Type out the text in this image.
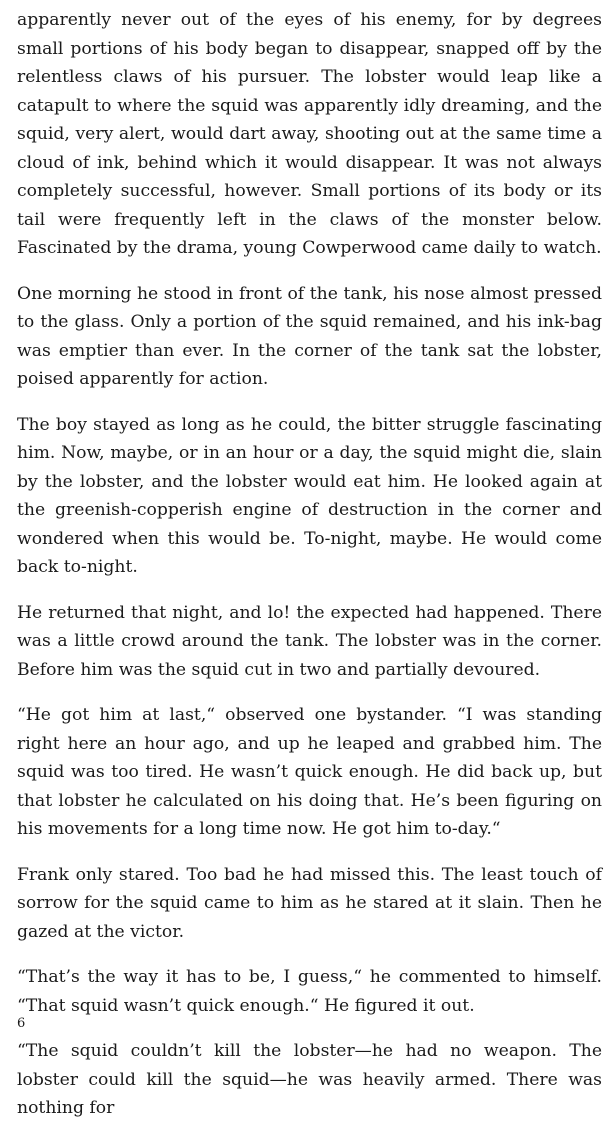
apparently never out of the eyes of his enemy, for by degrees small portions of his body began to disappear, snapped off by the relentless claws of his pursuer. The lobster would leap like a catapult to where the squid was apparently idly dreaming, and the squid, very alert, would dart away, shooting out at the same time a cloud of ink, behind which it would disappear. It was not always completely successful, however. Small portions of its body or its tail were frequently left in the claws of the monster below. Fascinated by the drama, young Cowperwood came daily to watch.

One morning he stood in front of the tank, his nose almost pressed to the glass. Only a portion of the squid remained, and his ink-bag was emptier than ever. In the corner of the tank sat the lobster, poised apparently for action.

The boy stayed as long as he could, the bitter struggle fascinating him. Now, maybe, or in an hour or a day, the squid might die, slain by the lobster, and the lobster would eat him. He looked again at the greenish-copperish engine of destruction in the corner and wondered when this would be. To-night, maybe. He would come back to-night.

He returned that night, and lo! the expected had happened. There was a little crowd around the tank. The lobster was in the corner. Before him was the squid cut in two and partially devoured.

“He got him at last,“ observed one bystander. “I was standing right here an hour ago, and up he leaped and grabbed him. The squid was too tired. He wasn’t quick enough. He did back up, but that lobster he calculated on his doing that. He’s been figuring on his movements for a long time now. He got him to-day.“

Frank only stared. Too bad he had missed this. The least touch of sorrow for the squid came to him as he stared at it slain. Then he gazed at the victor.

“That’s the way it has to be, I guess,“ he commented to himself. “That squid wasn’t quick enough.“ He figured it out.

“The squid couldn’t kill the lobster—he had no weapon. The lobster could kill the squid—he was heavily armed. There was nothing for

6
